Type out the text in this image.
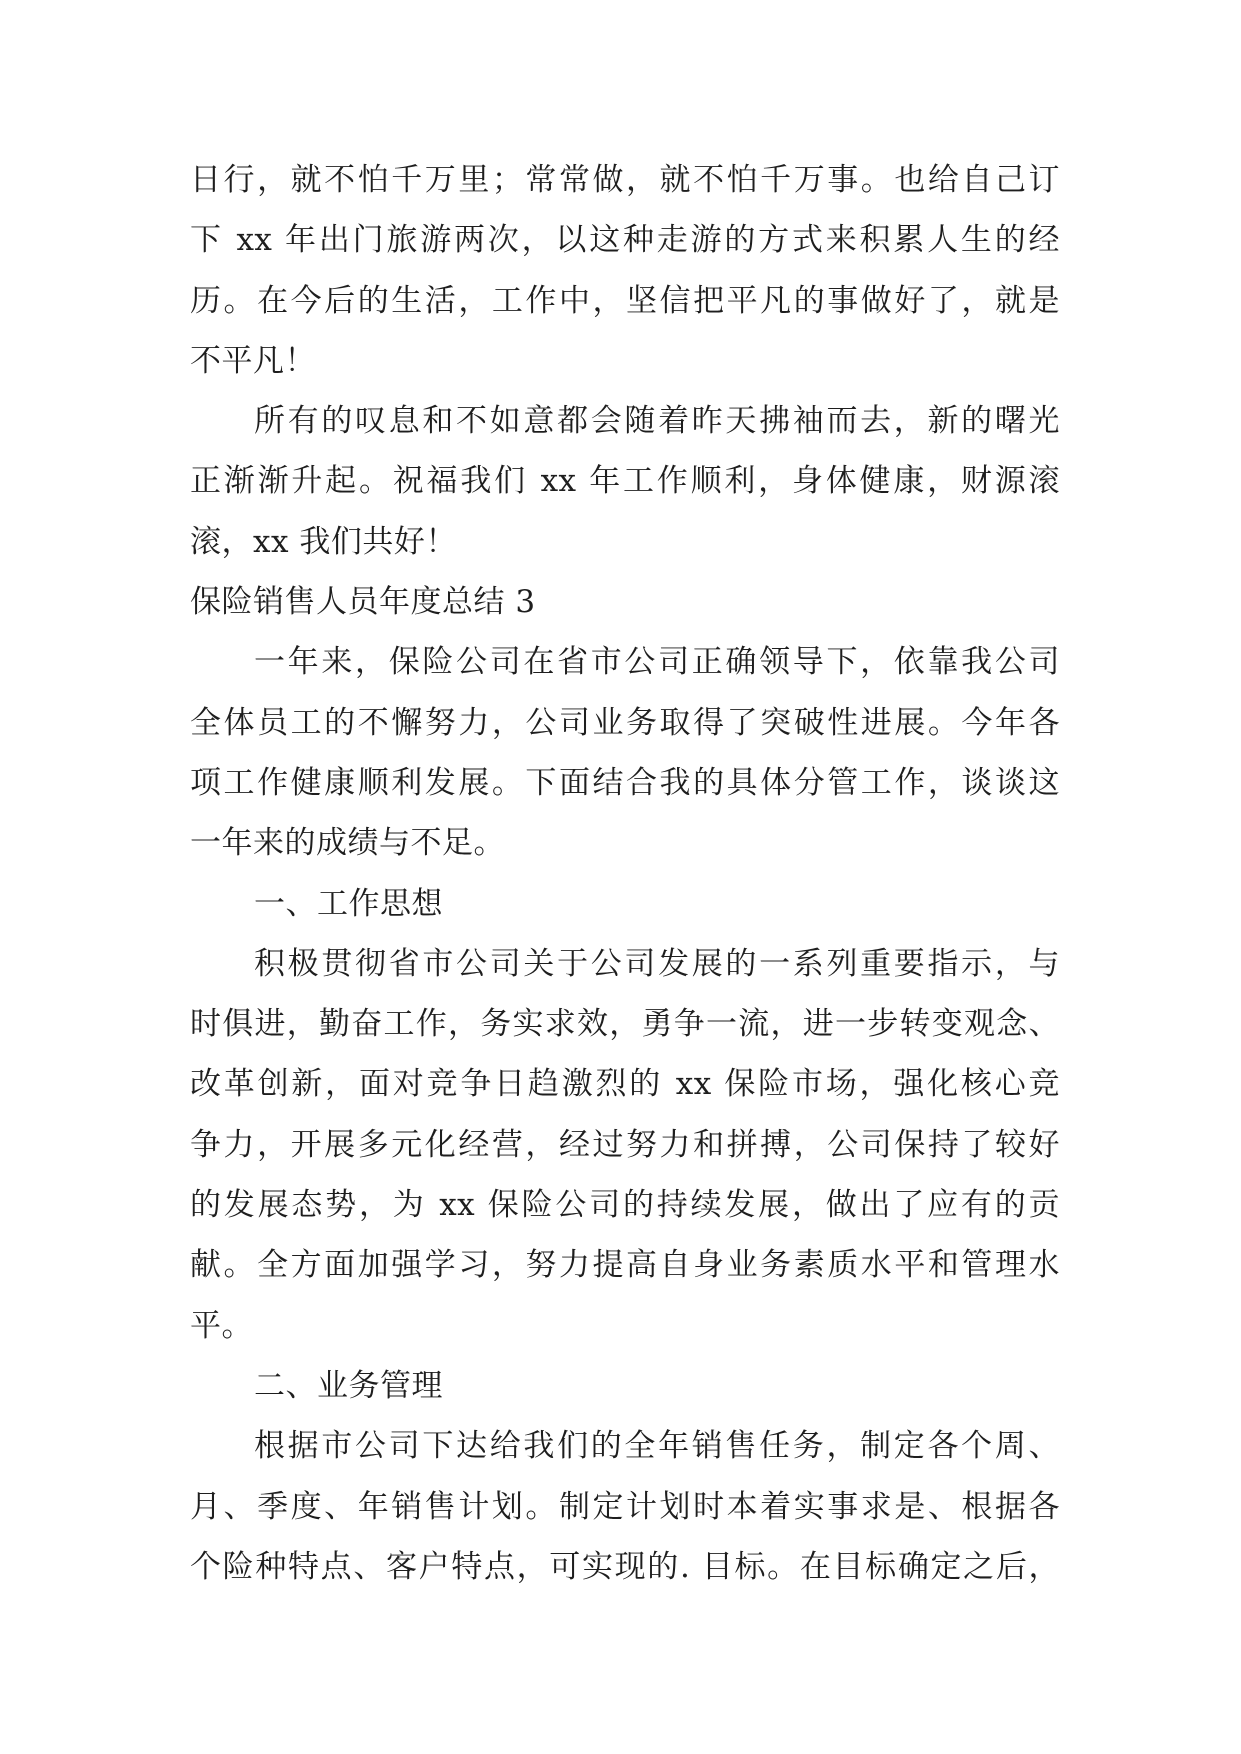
日行，就不怕千万里；常常做，就不怕千万事。也给自己订
下 xx 年出门旅游两次，以这种走游的方式来积累人生的经
历。在今后的生活，工作中，坚信把平凡的事做好了，就是
不平凡！
所有的叹息和不如意都会随着昨天拂袖而去，新的曙光
正渐渐升起。祝福我们 xx 年工作顺利，身体健康，财源滚
滚，xx 我们共好！
保险销售人员年度总结 3
一年来，保险公司在省市公司正确领导下，依靠我公司
全体员工的不懈努力，公司业务取得了突破性进展。今年各
项工作健康顺利发展。下面结合我的具体分管工作，谈谈这
一年来的成绩与不足。
一、工作思想
积极贯彻省市公司关于公司发展的一系列重要指示，与
时俱进，勤奋工作，务实求效，勇争一流，进一步转变观念、
改革创新，面对竞争日趋激烈的 xx 保险市场，强化核心竞
争力，开展多元化经营，经过努力和拼搏，公司保持了较好
的发展态势，为 xx 保险公司的持续发展，做出了应有的贡
献。全方面加强学习，努力提高自身业务素质水平和管理水
平。
二、业务管理
根据市公司下达给我们的全年销售任务，制定各个周、
月、季度、年销售计划。制定计划时本着实事求是、根据各
个险种特点、客户特点，可实现的. 目标。在目标确定之后，
